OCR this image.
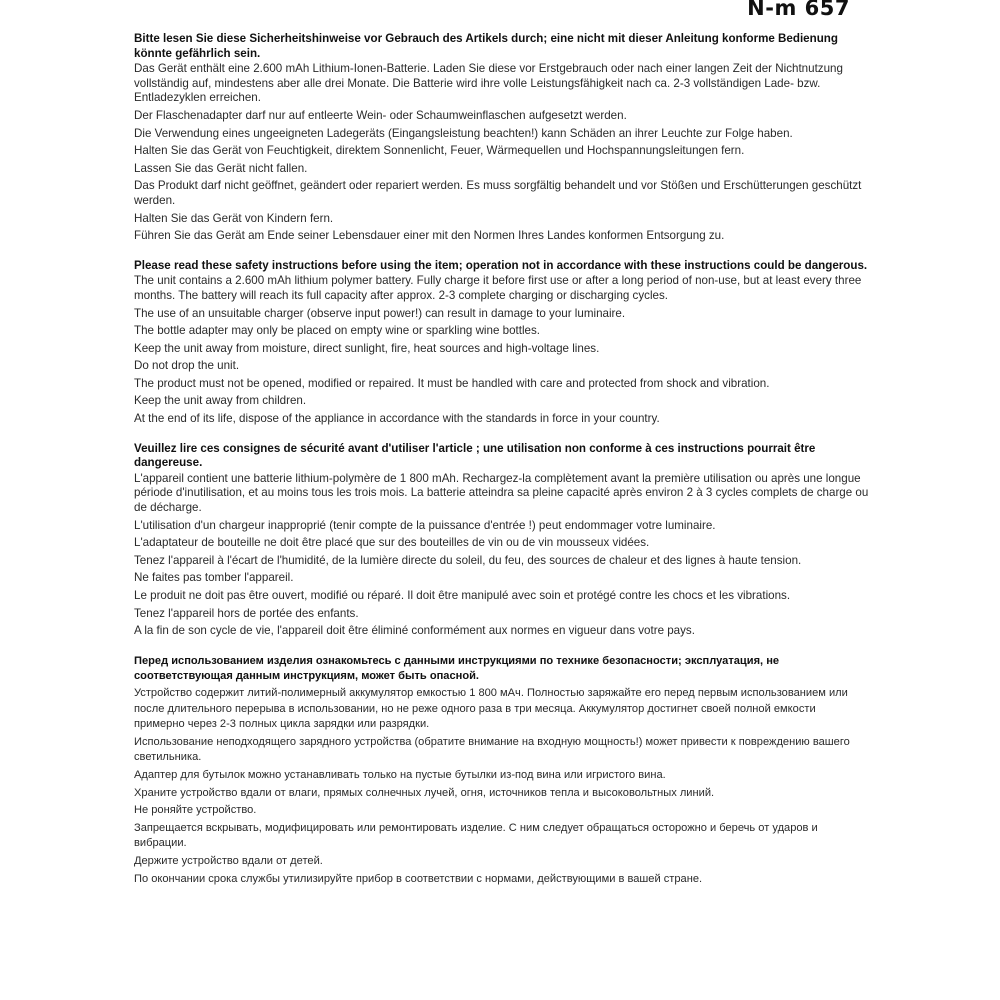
N-m 657

Bitte lesen Sie diese Sicherheitshinweise vor Gebrauch des Artikels durch; eine nicht mit dieser Anleitung konforme Bedienung könnte gefährlich sein.

Das Gerät enthält eine 2.600 mAh Lithium-Ionen-Batterie. Laden Sie diese vor Erstgebrauch oder nach einer langen Zeit der Nichtnutzung vollständig auf, mindestens aber alle drei Monate. Die Batterie wird ihre volle Leistungsfähigkeit nach ca. 2-3 vollständigen Lade- bzw. Entladezyklen erreichen.

Der Flaschenadapter darf nur auf entleerte Wein- oder Schaumweinflaschen aufgesetzt werden.

Die Verwendung eines ungeeigneten Ladegeräts (Eingangsleistung beachten!) kann Schäden an ihrer Leuchte zur Folge haben.

Halten Sie das Gerät von Feuchtigkeit, direktem Sonnenlicht, Feuer, Wärmequellen und Hochspannungsleitungen fern.

Lassen Sie das Gerät nicht fallen.

Das Produkt darf nicht geöffnet, geändert oder repariert werden. Es muss sorgfältig behandelt und vor Stößen und Erschütterungen geschützt werden.

Halten Sie das Gerät von Kindern fern.

Führen Sie das Gerät am Ende seiner Lebensdauer einer mit den Normen Ihres Landes konformen Entsorgung zu.

Please read these safety instructions before using the item; operation not in accordance with these instructions could be dangerous.

The unit contains a 2.600 mAh lithium polymer battery. Fully charge it before first use or after a long period of non-use, but at least every three months. The battery will reach its full capacity after approx. 2-3 complete charging or discharging cycles.

The use of an unsuitable charger (observe input power!) can result in damage to your luminaire.

The bottle adapter may only be placed on empty wine or sparkling wine bottles.

Keep the unit away from moisture, direct sunlight, fire, heat sources and high-voltage lines.

Do not drop the unit.

The product must not be opened, modified or repaired. It must be handled with care and protected from shock and vibration.

Keep the unit away from children.

At the end of its life, dispose of the appliance in accordance with the standards in force in your country.

Veuillez lire ces consignes de sécurité avant d'utiliser l'article ; une utilisation non conforme à ces instructions pourrait être dangereuse.

L'appareil contient une batterie lithium-polymère de 1 800 mAh. Rechargez-la complètement avant la première utilisation ou après une longue période d'inutilisation, et au moins tous les trois mois. La batterie atteindra sa pleine capacité après environ 2 à 3 cycles complets de charge ou de décharge.

L'utilisation d'un chargeur inapproprié (tenir compte de la puissance d'entrée !) peut endommager votre luminaire.

L'adaptateur de bouteille ne doit être placé que sur des bouteilles de vin ou de vin mousseux vidées.

Tenez l'appareil à l'écart de l'humidité, de la lumière directe du soleil, du feu, des sources de chaleur et des lignes à haute tension.

Ne faites pas tomber l'appareil.

Le produit ne doit pas être ouvert, modifié ou réparé. Il doit être manipulé avec soin et protégé contre les chocs et les vibrations.

Tenez l'appareil hors de portée des enfants.

A la fin de son cycle de vie, l'appareil doit être éliminé conformément aux normes en vigueur dans votre pays.

Перед использованием изделия ознакомьтесь с данными инструкциями по технике безопасности; эксплуатация, не соответствующая данным инструкциям, может быть опасной.

Устройство содержит литий-полимерный аккумулятор емкостью 1 800 мАч. Полностью заряжайте его перед первым использованием или после длительного перерыва в использовании, но не реже одного раза в три месяца. Аккумулятор достигнет своей полной емкости примерно через 2-3 полных цикла зарядки или разрядки.

Использование неподходящего зарядного устройства (обратите внимание на входную мощность!) может привести к повреждению вашего светильника.

Адаптер для бутылок можно устанавливать только на пустые бутылки из-под вина или игристого вина.

Храните устройство вдали от влаги, прямых солнечных лучей, огня, источников тепла и высоковольтных линий.

Не роняйте устройство.

Запрещается вскрывать, модифицировать или ремонтировать изделие. С ним следует обращаться осторожно и беречь от ударов и вибрации.

Держите устройство вдали от детей.

По окончании срока службы утилизируйте прибор в соответствии с нормами, действующими в вашей стране.
